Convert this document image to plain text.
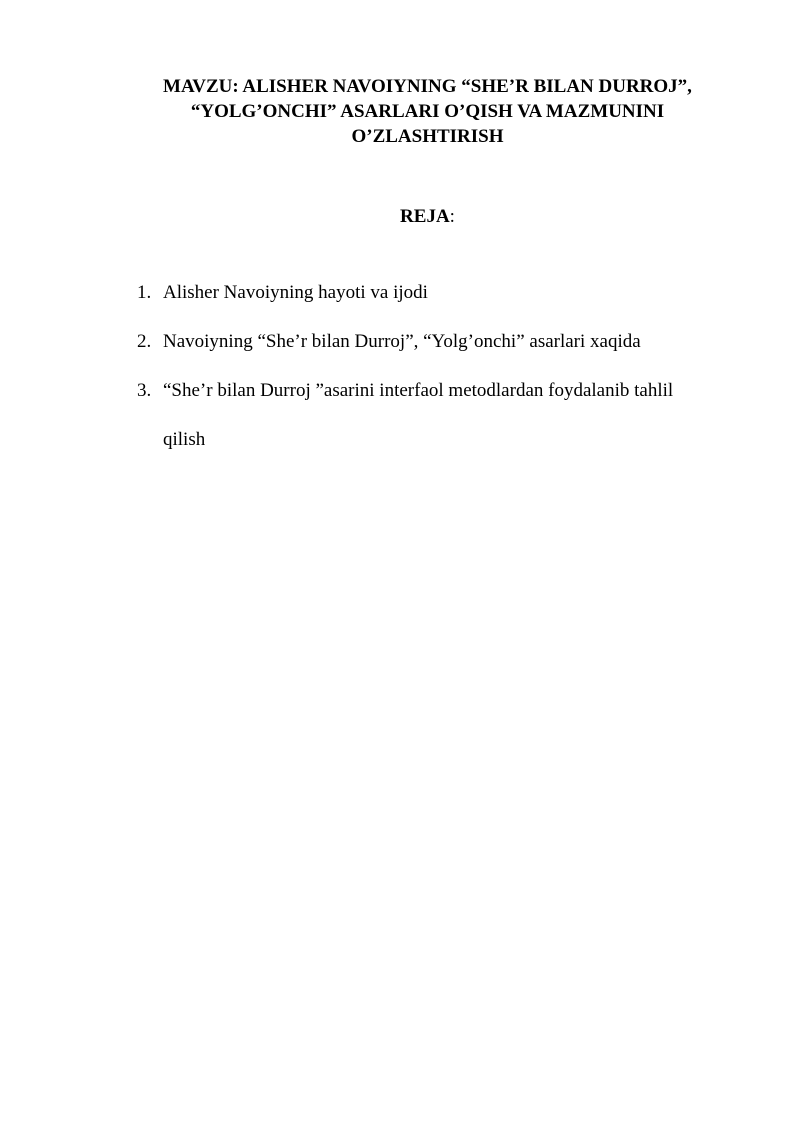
MAVZU: ALISHER NAVOIYNING “SHE’R BILAN DURROJ”,
“YOLG’ONCHI” ASARLARI O’QISH VA MAZMUNINI
O’ZLASHTIRISH

REJA:

1. Alisher Navoiyning hayoti va ijodi
2. Navoiyning “She’r bilan Durroj”, “Yolg’onchi” asarlari xaqida
3. “She’r bilan Durroj ”asarini interfaol metodlardan foydalanib tahlil
qilish
